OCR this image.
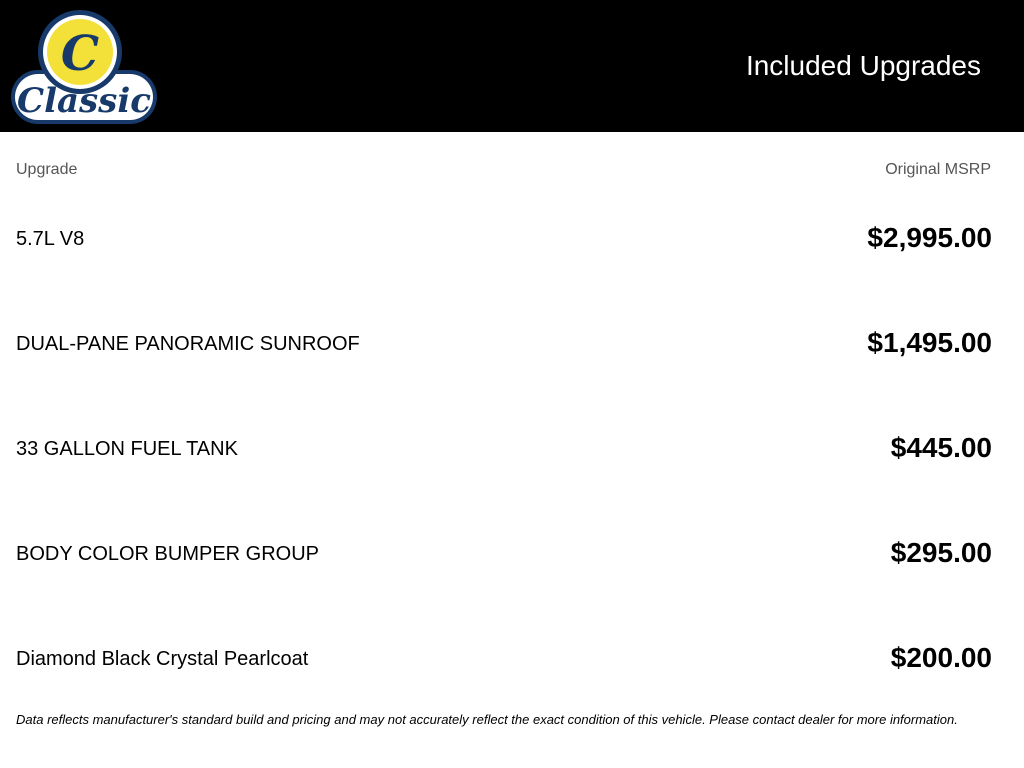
C
Classic
Included Upgrades
Upgrade	Original MSRP
5.7L V8	$2,995.00
DUAL-PANE PANORAMIC SUNROOF	$1,495.00
33 GALLON FUEL TANK	$445.00
BODY COLOR BUMPER GROUP	$295.00
Diamond Black Crystal Pearlcoat	$200.00
Data reflects manufacturer's standard build and pricing and may not accurately reflect the exact condition of this vehicle. Please contact dealer for more information.
